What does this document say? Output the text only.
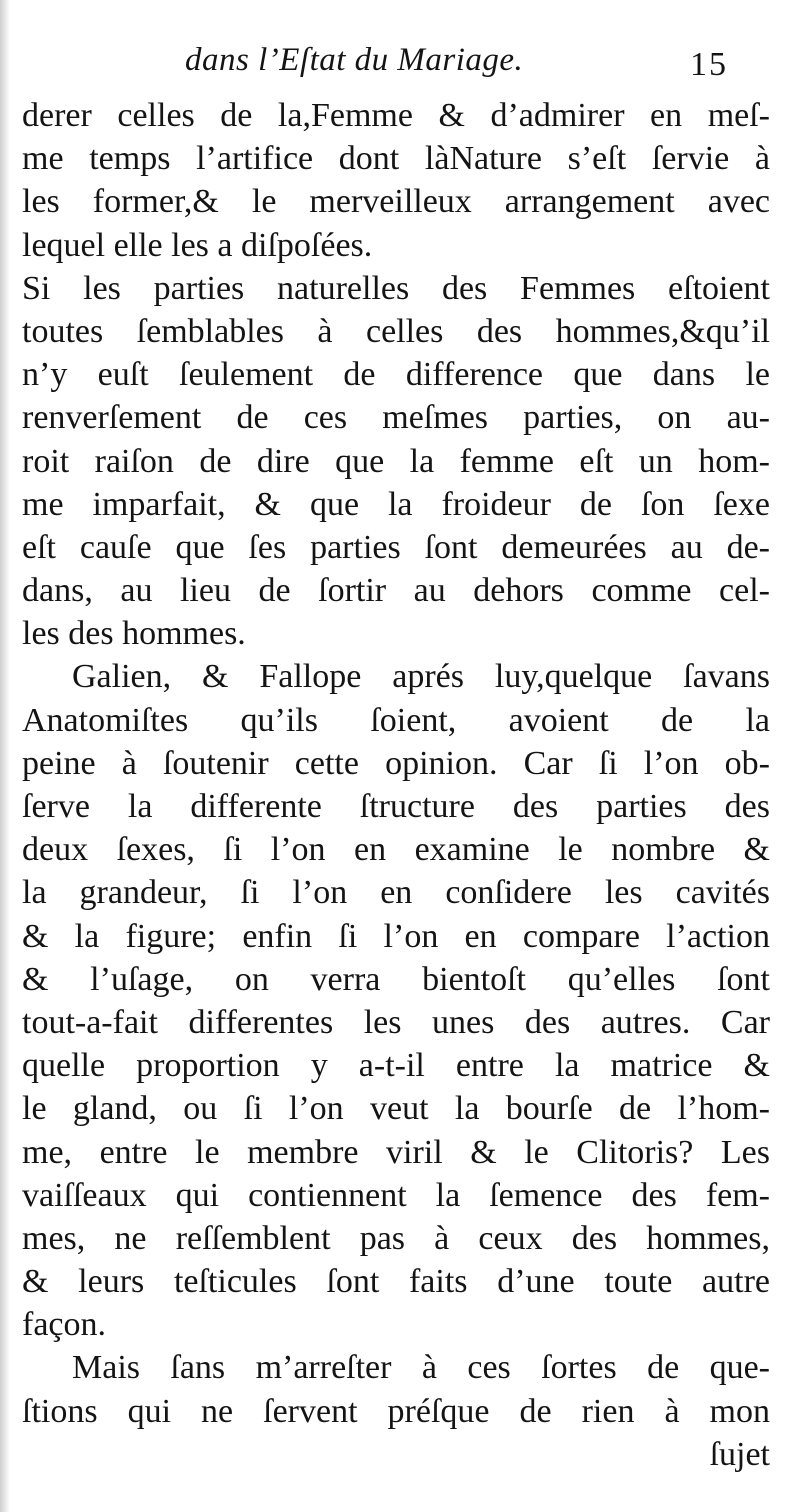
dans l’Eſtat du Mariage.	15
derer celles de la,Femme & d’admirer en meſ-
me temps l’artifice dont làNature s’eſt ſervie à
les former,& le merveilleux arrangement avec
lequel elle les a diſpoſées.
Si les parties naturelles des Femmes eſtoient
toutes ſemblables à celles des hommes,&qu’il
n’y euſt ſeulement de difference que dans le
renverſement de ces meſmes parties, on au-
roit raiſon de dire que la femme eſt un hom-
me imparfait, & que la froideur de ſon ſexe
eſt cauſe que ſes parties ſont demeurées au de-
dans, au lieu de ſortir au dehors comme cel-
les des hommes.
Galien, & Fallope aprés luy,quelque ſavans
Anatomiſtes qu’ils ſoient, avoient de la
peine à ſoutenir cette opinion. Car ſi l’on ob-
ſerve la differente ſtructure des parties des
deux ſexes, ſi l’on en examine le nombre &
la grandeur, ſi l’on en conſidere les cavités
& la figure; enfin ſi l’on en compare l’action
& l’uſage, on verra bientoſt qu’elles ſont
tout-a-fait differentes les unes des autres. Car
quelle proportion y a-t-il entre la matrice &
le gland, ou ſi l’on veut la bourſe de l’hom-
me, entre le membre viril & le Clitoris? Les
vaiſſeaux qui contiennent la ſemence des fem-
mes, ne reſſemblent pas à ceux des hommes,
& leurs teſticules ſont faits d’une toute autre
façon.
Mais ſans m’arreſter à ces ſortes de que-
ſtions qui ne ſervent préſque de rien à mon
ſujet
